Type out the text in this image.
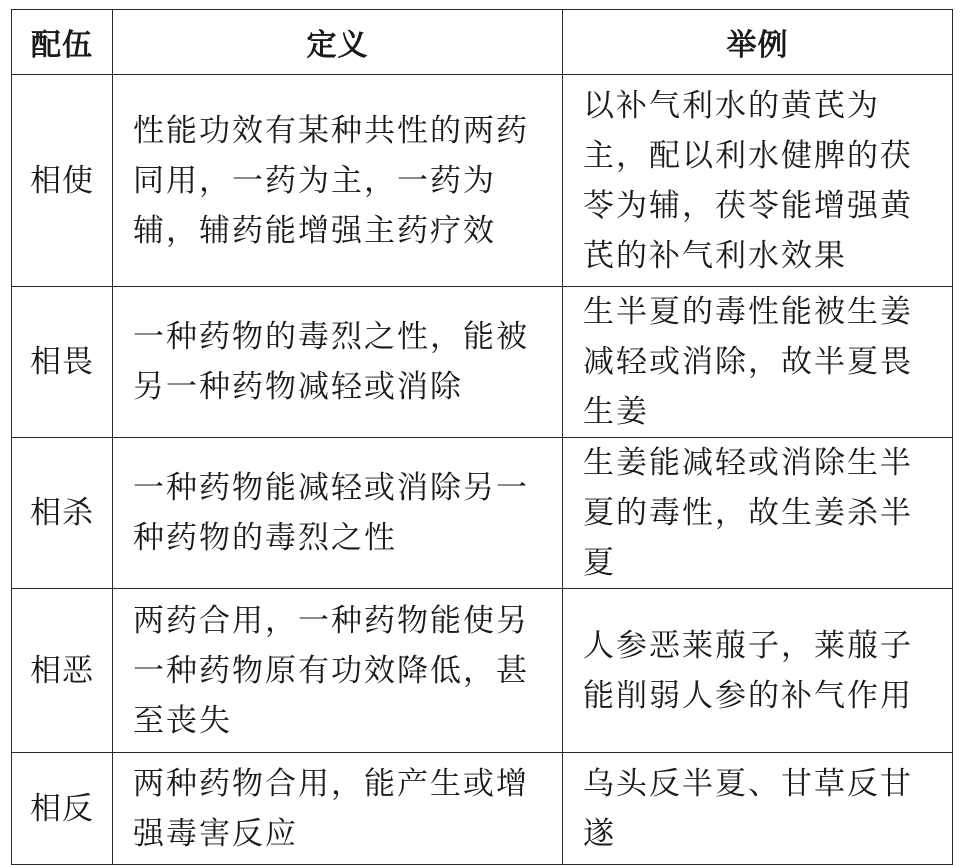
配伍	定义	举例
相使	性能功效有某种共性的两药同用，一药为主，一药为辅，辅药能增强主药疗效	以补气利水的黄芪为主，配以利水健脾的茯苓为辅，茯苓能增强黄芪的补气利水效果
相畏	一种药物的毒烈之性，能被另一种药物减轻或消除	生半夏的毒性能被生姜减轻或消除，故半夏畏生姜
相杀	一种药物能减轻或消除另一种药物的毒烈之性	生姜能减轻或消除生半夏的毒性，故生姜杀半夏
相恶	两药合用，一种药物能使另一种药物原有功效降低，甚至丧失	人参恶莱菔子，莱菔子能削弱人参的补气作用
相反	两种药物合用，能产生或增强毒害反应	乌头反半夏、甘草反甘遂
